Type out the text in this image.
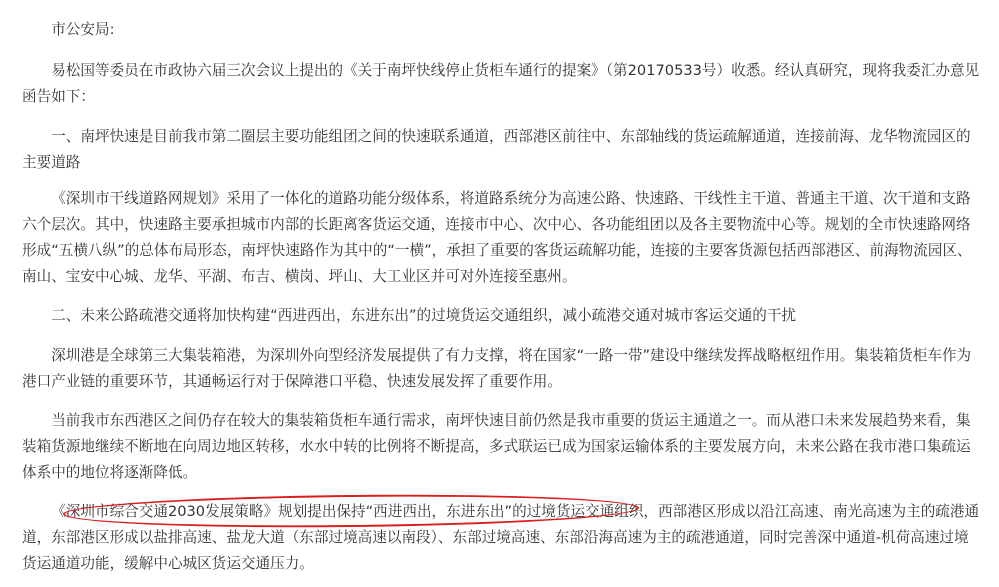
市公安局:

易松国等委员在市政协六届三次会议上提出的《关于南坪快线停止货柜车通行的提案》（第20170533号）收悉。经认真研究，现将我委汇办意见函告如下：

一、南坪快速是目前我市第二圈层主要功能组团之间的快速联系通道，西部港区前往中、东部轴线的货运疏解通道，连接前海、龙华物流园区的主要道路

《深圳市干线道路网规划》采用了一体化的道路功能分级体系，将道路系统分为高速公路、快速路、干线性主干道、普通主干道、次干道和支路六个层次。其中，快速路主要承担城市内部的长距离客货运交通，连接市中心、次中心、各功能组团以及各主要物流中心等。规划的全市快速路网络形成“五横八纵”的总体布局形态，南坪快速路作为其中的“一横”，承担了重要的客货运疏解功能，连接的主要客货源包括西部港区、前海物流园区、南山、宝安中心城、龙华、平湖、布吉、横岗、坪山、大工业区并可对外连接至惠州。

二、未来公路疏港交通将加快构建“西进西出，东进东出”的过境货运交通组织，减小疏港交通对城市客运交通的干扰

深圳港是全球第三大集装箱港，为深圳外向型经济发展提供了有力支撑，将在国家“一路一带”建设中继续发挥战略枢纽作用。集装箱货柜车作为港口产业链的重要环节，其通畅运行对于保障港口平稳、快速发展发挥了重要作用。

当前我市东西港区之间仍存在较大的集装箱货柜车通行需求，南坪快速目前仍然是我市重要的货运主通道之一。而从港口未来发展趋势来看，集装箱货源地继续不断地在向周边地区转移，水水中转的比例将不断提高，多式联运已成为国家运输体系的主要发展方向，未来公路在我市港口集疏运体系中的地位将逐渐降低。

《深圳市综合交通2030发展策略》规划提出保持“西进西出，东进东出”的过境货运交通组织，西部港区形成以沿江高速、南光高速为主的疏港通道，东部港区形成以盐排高速、盐龙大道（东部过境高速以南段）、东部过境高速、东部沿海高速为主的疏港通道，同时完善深中通道-机荷高速过境货运通道功能，缓解中心城区货运交通压力。
